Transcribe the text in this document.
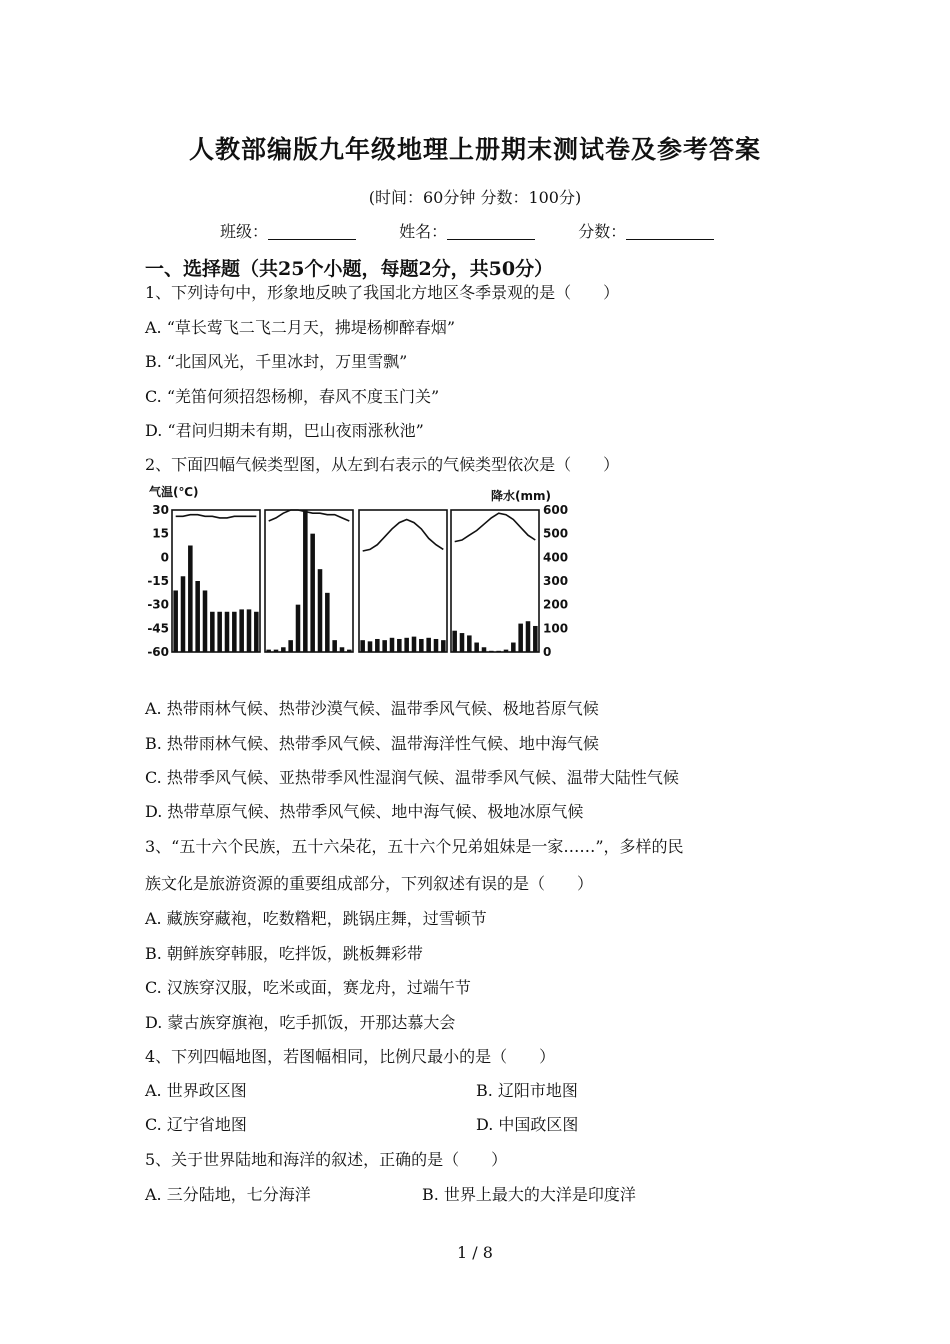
人教部编版九年级地理上册期末测试卷及参考答案
(时间：60分钟 分数：100分)
班级：	姓名：	分数：
一、选择题（共25个小题，每题2分，共50分）
1、下列诗句中，形象地反映了我国北方地区冬季景观的是（　　）
A. “草长莺飞二飞二月天，拂堤杨柳醉春烟”
B. “北国风光，千里冰封，万里雪飘”
C. “羌笛何须招怨杨柳，春风不度玉门关”
D. “君问归期未有期，巴山夜雨涨秋池”
2、下面四幅气候类型图，从左到右表示的气候类型依次是（　　）
气温(℃)	降水(mm)
30
15
0
-15
-30
-45
-60
600
500
400
300
200
100
0
A. 热带雨林气候、热带沙漠气候、温带季风气候、极地苔原气候
B. 热带雨林气候、热带季风气候、温带海洋性气候、地中海气候
C. 热带季风气候、亚热带季风性湿润气候、温带季风气候、温带大陆性气候
D. 热带草原气候、热带季风气候、地中海气候、极地冰原气候
3、“五十六个民族，五十六朵花，五十六个兄弟姐妹是一家……”，多样的民
族文化是旅游资源的重要组成部分，下列叙述有误的是（　　）
A. 藏族穿藏袍，吃数糌粑，跳锅庄舞，过雪顿节
B. 朝鲜族穿韩服，吃拌饭，跳板舞彩带
C. 汉族穿汉服，吃米或面，赛龙舟，过端午节
D. 蒙古族穿旗袍，吃手抓饭，开那达慕大会
4、下列四幅地图，若图幅相同，比例尺最小的是（　　）
A. 世界政区图	B. 辽阳市地图
C. 辽宁省地图	D. 中国政区图
5、关于世界陆地和海洋的叙述，正确的是（　　）
A. 三分陆地，七分海洋	B. 世界上最大的大洋是印度洋
1 / 8
